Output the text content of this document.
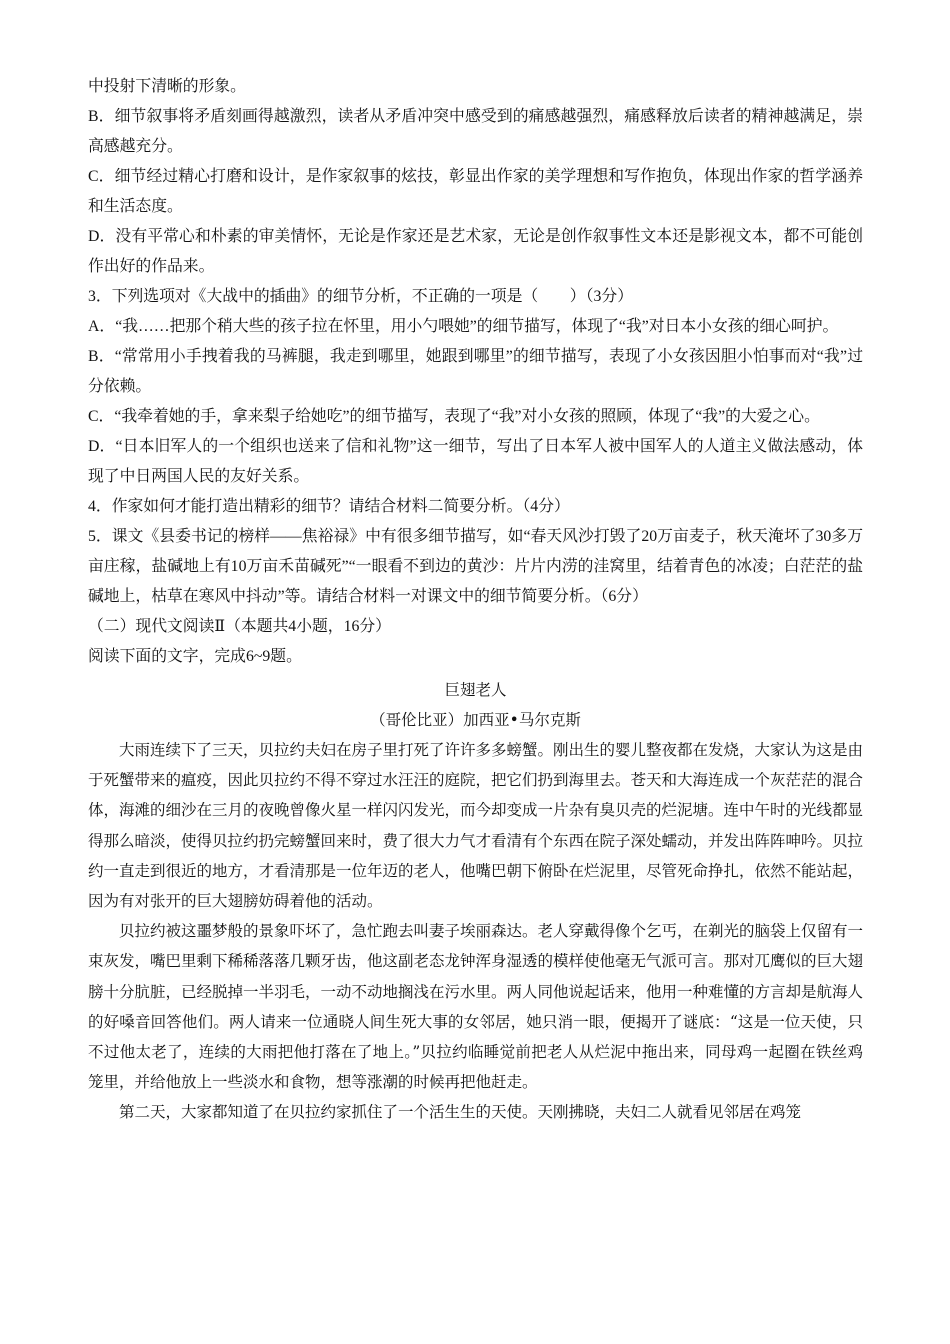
中投射下清晰的形象。

B．细节叙事将矛盾刻画得越激烈，读者从矛盾冲突中感受到的痛感越强烈，痛感释放后读者的精神越满足，崇高感越充分。

C．细节经过精心打磨和设计，是作家叙事的炫技，彰显出作家的美学理想和写作抱负，体现出作家的哲学涵养和生活态度。

D．没有平常心和朴素的审美情怀，无论是作家还是艺术家，无论是创作叙事性文本还是影视文本，都不可能创作出好的作品来。

3．下列选项对《大战中的插曲》的细节分析，不正确的一项是（　　）（3分）

A．“我……把那个稍大些的孩子拉在怀里，用小勺喂她”的细节描写，体现了“我”对日本小女孩的细心呵护。

B．“常常用小手拽着我的马裤腿，我走到哪里，她跟到哪里”的细节描写，表现了小女孩因胆小怕事而对“我”过分依赖。

C．“我牵着她的手，拿来梨子给她吃”的细节描写，表现了“我”对小女孩的照顾，体现了“我”的大爱之心。

D．“日本旧军人的一个组织也送来了信和礼物”这一细节，写出了日本军人被中国军人的人道主义做法感动，体现了中日两国人民的友好关系。

4．作家如何才能打造出精彩的细节？请结合材料二简要分析。（4分）

5．课文《县委书记的榜样——焦裕禄》中有很多细节描写，如“春天风沙打毁了20万亩麦子，秋天淹坏了30多万亩庄稼，盐碱地上有10万亩禾苗碱死”“一眼看不到边的黄沙：片片内涝的洼窝里，结着青色的冰凌；白茫茫的盐碱地上，枯草在寒风中抖动”等。请结合材料一对课文中的细节简要分析。（6分）

（二）现代文阅读Ⅱ（本题共4小题，16分）

阅读下面的文字，完成6~9题。

巨翅老人

（哥伦比亚）加西亚•马尔克斯

大雨连续下了三天，贝拉约夫妇在房子里打死了许许多多螃蟹。刚出生的婴儿整夜都在发烧，大家认为这是由于死蟹带来的瘟疫，因此贝拉约不得不穿过水汪汪的庭院，把它们扔到海里去。苍天和大海连成一个灰茫茫的混合体，海滩的细沙在三月的夜晚曾像火星一样闪闪发光，而今却变成一片杂有臭贝壳的烂泥塘。连中午时的光线都显得那么暗淡，使得贝拉约扔完螃蟹回来时，费了很大力气才看清有个东西在院子深处蠕动，并发出阵阵呻吟。贝拉约一直走到很近的地方，才看清那是一位年迈的老人，他嘴巴朝下俯卧在烂泥里，尽管死命挣扎，依然不能站起，因为有对张开的巨大翅膀妨碍着他的活动。

贝拉约被这噩梦般的景象吓坏了，急忙跑去叫妻子埃丽森达。老人穿戴得像个乞丐，在剃光的脑袋上仅留有一束灰发，嘴巴里剩下稀稀落落几颗牙齿，他这副老态龙钟浑身湿透的模样使他毫无气派可言。那对兀鹰似的巨大翅膀十分肮脏，已经脱掉一半羽毛，一动不动地搁浅在污水里。两人同他说起话来，他用一种难懂的方言却是航海人的好嗓音回答他们。两人请来一位通晓人间生死大事的女邻居，她只消一眼，便揭开了谜底：“这是一位天使，只不过他太老了，连续的大雨把他打落在了地上。”贝拉约临睡觉前把老人从烂泥中拖出来，同母鸡一起圈在铁丝鸡笼里，并给他放上一些淡水和食物，想等涨潮的时候再把他赶走。

第二天，大家都知道了在贝拉约家抓住了一个活生生的天使。天刚拂晓，夫妇二人就看见邻居在鸡笼
